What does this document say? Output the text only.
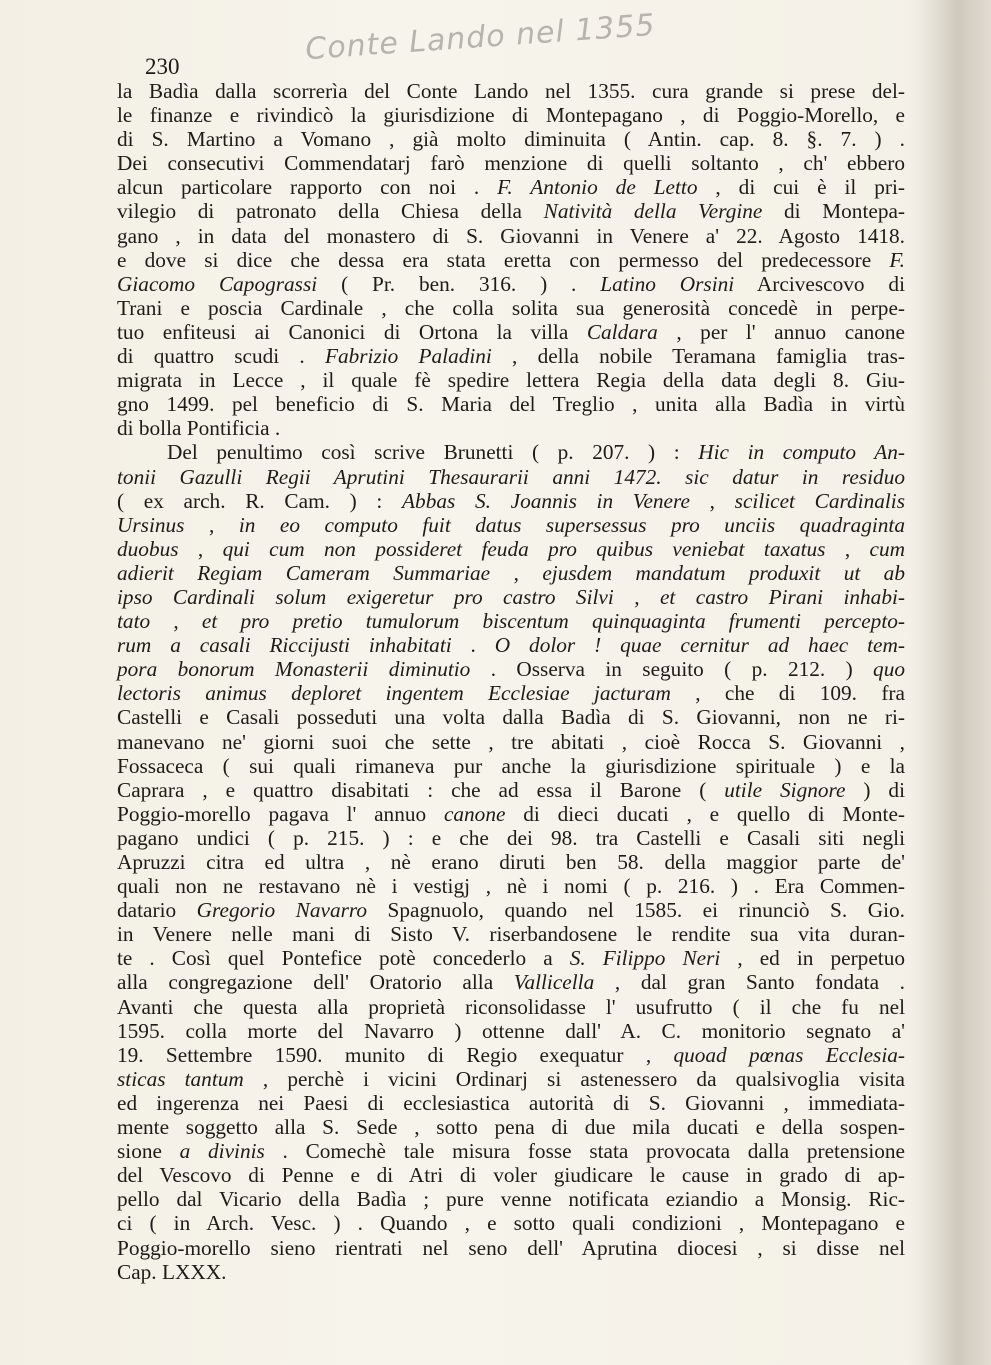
230	Conte Lando nel 1355
la Badìa dalla scorrerìa del Conte Lando nel 1355. cura grande si prese del-
le finanze e rivindicò la giurisdizione di Montepagano , di Poggio-Morello, e
di S. Martino a Vomano , già molto diminuita ( Antin. cap. 8. §. 7. ) .
Dei consecutivi Commendatarj farò menzione di quelli soltanto , ch' ebbero
alcun particolare rapporto con noi . F. Antonio de Letto , di cui è il pri-
vilegio di patronato della Chiesa della Natività della Vergine di Montepa-
gano , in data del monastero di S. Giovanni in Venere a' 22. Agosto 1418.
e dove si dice che dessa era stata eretta con permesso del predecessore F.
Giacomo Capograssi ( Pr. ben. 316. ) . Latino Orsini Arcivescovo di
Trani e poscia Cardinale , che colla solita sua generosità concedè in perpe-
tuo enfiteusi ai Canonici di Ortona la villa Caldara , per l' annuo canone
di quattro scudi . Fabrizio Paladini , della nobile Teramana famiglia tras-
migrata in Lecce , il quale fè spedire lettera Regia della data degli 8. Giu-
gno 1499. pel beneficio di S. Maria del Treglio , unita alla Badìa in virtù
di bolla Pontificia .
Del penultimo così scrive Brunetti ( p. 207. ) : Hic in computo An-
tonii Gazulli Regii Aprutini Thesaurarii anni 1472. sic datur in residuo
( ex arch. R. Cam. ) : Abbas S. Joannis in Venere , scilicet Cardinalis
Ursinus , in eo computo fuit datus supersessus pro unciis quadraginta
duobus , qui cum non possideret feuda pro quibus veniebat taxatus , cum
adierit Regiam Cameram Summariae , ejusdem mandatum produxit ut ab
ipso Cardinali solum exigeretur pro castro Silvi , et castro Pirani inhabi-
tato , et pro pretio tumulorum biscentum quinquaginta frumenti percepto-
rum a casali Riccijusti inhabitati . O dolor ! quae cernitur ad haec tem-
pora bonorum Monasterii diminutio . Osserva in seguito ( p. 212. ) quo
lectoris animus deploret ingentem Ecclesiae jacturam , che di 109. fra
Castelli e Casali posseduti una volta dalla Badìa di S. Giovanni, non ne ri-
manevano ne' giorni suoi che sette , tre abitati , cioè Rocca S. Giovanni ,
Fossaceca ( sui quali rimaneva pur anche la giurisdizione spirituale ) e la
Caprara , e quattro disabitati : che ad essa il Barone ( utile Signore ) di
Poggio-morello pagava l' annuo canone di dieci ducati , e quello di Monte-
pagano undici ( p. 215. ) : e che dei 98. tra Castelli e Casali siti negli
Apruzzi citra ed ultra , nè erano diruti ben 58. della maggior parte de'
quali non ne restavano nè i vestigj , nè i nomi ( p. 216. ) . Era Commen-
datario Gregorio Navarro Spagnuolo, quando nel 1585. ei rinunciò S. Gio.
in Venere nelle mani di Sisto V. riserbandosene le rendite sua vita duran-
te . Così quel Pontefice potè concederlo a S. Filippo Neri , ed in perpetuo
alla congregazione dell' Oratorio alla Vallicella , dal gran Santo fondata .
Avanti che questa alla proprietà riconsolidasse l' usufrutto ( il che fu nel
1595. colla morte del Navarro ) ottenne dall' A. C. monitorio segnato a'
19. Settembre 1590. munito di Regio exequatur , quoad pœnas Ecclesia-
sticas tantum , perchè i vicini Ordinarj si astenessero da qualsivoglia visita
ed ingerenza nei Paesi di ecclesiastica autorità di S. Giovanni , immediata-
mente soggetto alla S. Sede , sotto pena di due mila ducati e della sospen-
sione a divinis . Comechè tale misura fosse stata provocata dalla pretensione
del Vescovo di Penne e di Atri di voler giudicare le cause in grado di ap-
pello dal Vicario della Badìa ; pure venne notificata eziandio a Monsig. Ric-
ci ( in Arch. Vesc. ) . Quando , e sotto quali condizioni , Montepagano e
Poggio-morello sieno rientrati nel seno dell' Aprutina diocesi , si disse nel
Cap. LXXX.
